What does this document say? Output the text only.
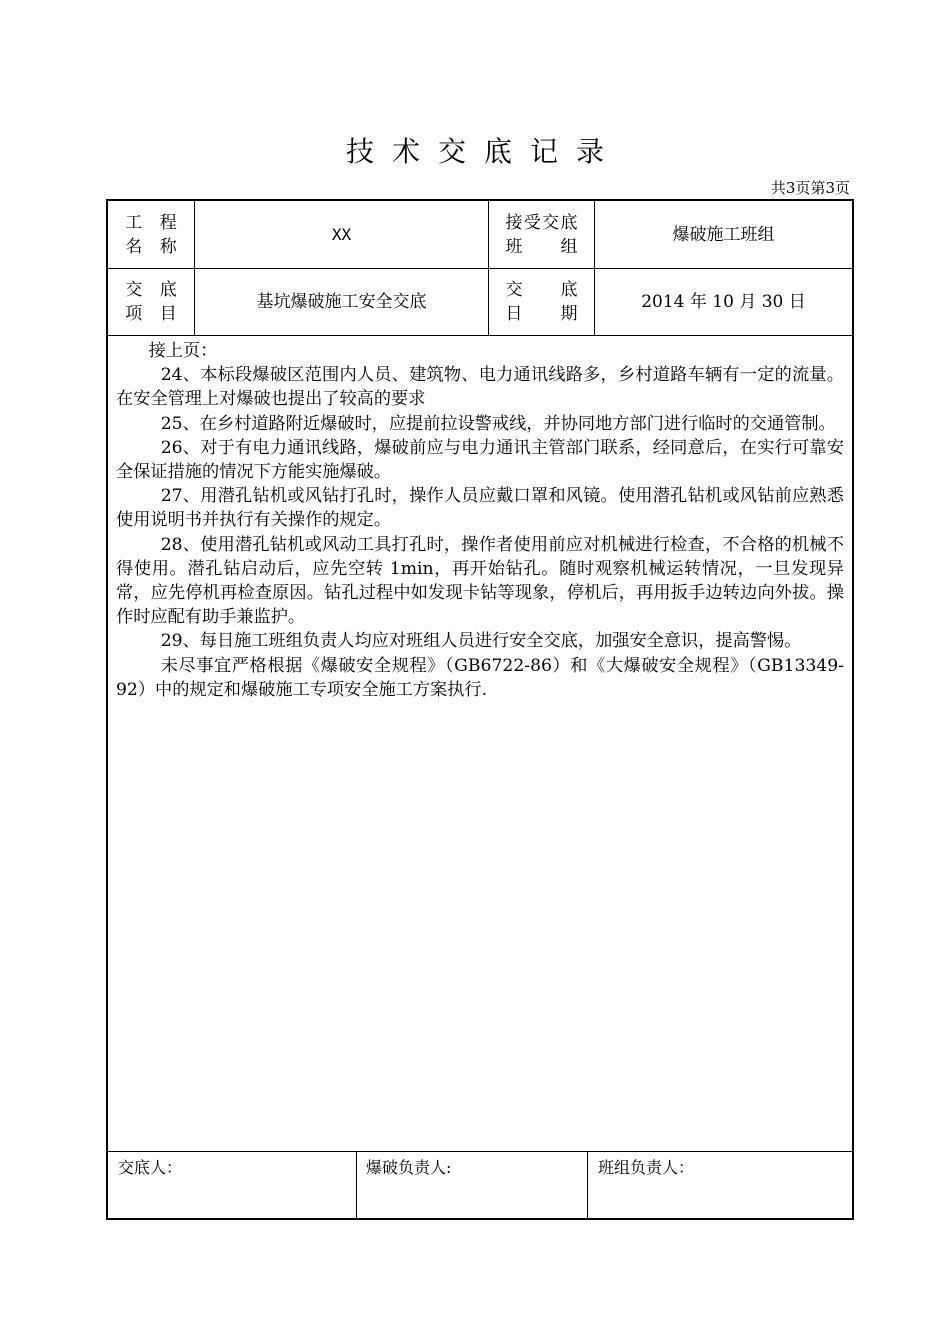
技术交底记录
共3页第3页
工 程
名 称
XX
接受交底
班　　组
爆破施工班组
交 底
项 目
基坑爆破施工安全交底
交　　底
日　　期
2014 年 10 月 30 日

接上页：

24、本标段爆破区范围内人员、建筑物、电力通讯线路多，乡村道路车辆有一定的流量。在安全管理上对爆破也提出了较高的要求

25、在乡村道路附近爆破时，应提前拉设警戒线，并协同地方部门进行临时的交通管制。

26、对于有电力通讯线路，爆破前应与电力通讯主管部门联系，经同意后，在实行可靠安全保证措施的情况下方能实施爆破。

27、用潜孔钻机或风钻打孔时，操作人员应戴口罩和风镜。使用潜孔钻机或风钻前应熟悉使用说明书并执行有关操作的规定。

28、使用潜孔钻机或风动工具打孔时，操作者使用前应对机械进行检查，不合格的机械不得使用。潜孔钻启动后，应先空转 1min，再开始钻孔。随时观察机械运转情况，一旦发现异常，应先停机再检查原因。钻孔过程中如发现卡钻等现象，停机后，再用扳手边转边向外拔。操作时应配有助手兼监护。

29、每日施工班组负责人均应对班组人员进行安全交底，加强安全意识，提高警惕。

未尽事宜严格根据《爆破安全规程》（GB6722-86）和《大爆破安全规程》（GB13349-92）中的规定和爆破施工专项安全施工方案执行.

交底人：	爆破负责人:	班组负责人：
